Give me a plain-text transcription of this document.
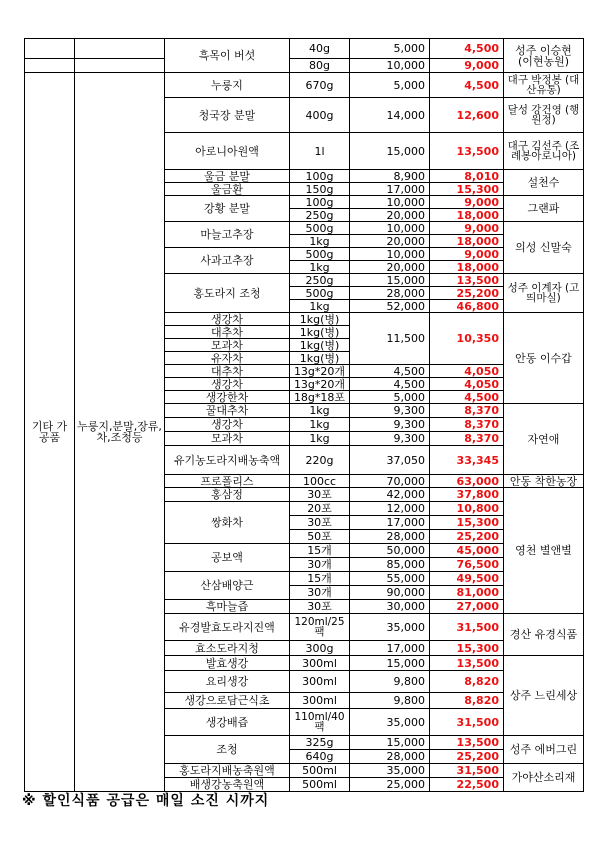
		흑목이 버섯	40g	5,000	4,500	성주 이승현 (이현농원)
			80g	10,000	9,000	
기타 가공품	누룽지,분말,장류,차,조청등	누룽지	670g	5,000	4,500	대구 박정봉 (대산유통)
		청국장 분말	400g	14,000	12,600	달성 강건영 (행원정)
		아로니아원액	1l	15,000	13,500	대구 김선주 (조례봉아로니아)
		울금 분말	100g	8,900	8,010	설천수
		울금환	150g	17,000	15,300	
		강황 분말	100g	10,000	9,000	그랜파
			250g	20,000	18,000	
		마늘고추장	500g	10,000	9,000	의성 신말숙
			1kg	20,000	18,000	
		사과고추장	500g	10,000	9,000	
			1kg	20,000	18,000	
		홍도라지 조청	250g	15,000	13,500	성주 이계자 (고띄마실)
			500g	28,000	25,200	
			1kg	52,000	46,800	
		생강차	1kg(병)	11,500	10,350	안동 이수갑
		대추차	1kg(병)			
		모과차	1kg(병)			
		유자차	1kg(병)			
		대추차	13g*20개	4,500	4,050	
		생강차	13g*20개	4,500	4,050	
		생강한차	18g*18포	5,000	4,500	
		꿀대추차	1kg	9,300	8,370	자연애
		생강차	1kg	9,300	8,370	
		모과차	1kg	9,300	8,370	
		유기농도라지배농축액	220g	37,050	33,345	
		프로폴리스	100cc	70,000	63,000	안동 착한농장
		홍삼정	30포	42,000	37,800	영천 별앤별
		쌍화차	20포	12,000	10,800	
			30포	17,000	15,300	
			50포	28,000	25,200	
		공보액	15개	50,000	45,000	
			30개	85,000	76,500	
		산삼배양근	15개	55,000	49,500	
			30개	90,000	81,000	
		흑마늘즙	30포	30,000	27,000	
		유경발효도라지진액	120ml/25팩	35,000	31,500	경산 유경식품
		효소도라지청	300g	17,000	15,300	
		발효생강	300ml	15,000	13,500	상주 느린세상
		요리생강	300ml	9,800	8,820	
		생강으로담근식초	300ml	9,800	8,820	
		생강배즙	110ml/40팩	35,000	31,500	
		조청	325g	15,000	13,500	성주 에버그린
			640g	28,000	25,200	
		홍도라지배농축원액	500ml	35,000	31,500	가야산소리재
		배생강농축원액	500ml	25,000	22,500	
※ 할인식품 공급은 매일 소진 시까지
